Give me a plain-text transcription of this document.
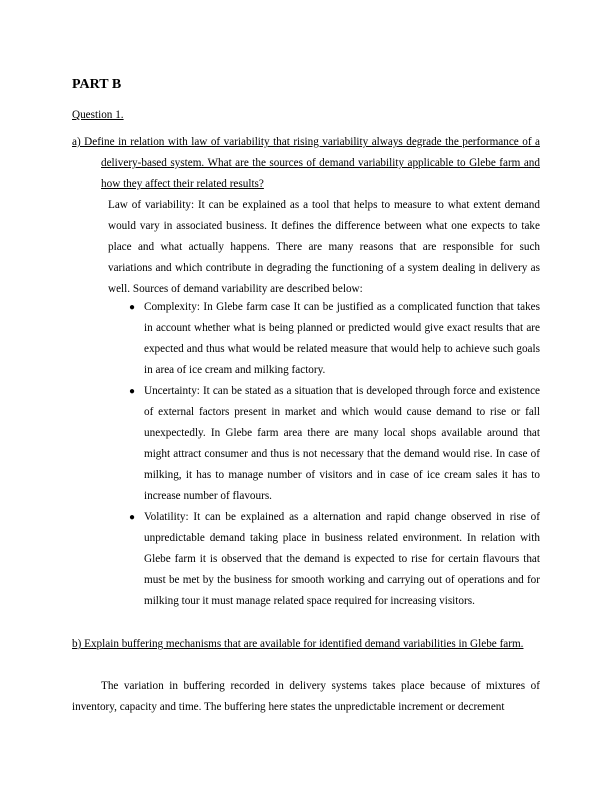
PART B
Question 1.
a) Define in relation with law of variability that rising variability always degrade the performance of a delivery-based system. What are the sources of demand variability applicable to Glebe farm and how they affect their related results?
Law of variability: It can be explained as a tool that helps to measure to what extent demand would vary in associated business. It defines the difference between what one expects to take place and what actually happens. There are many reasons that are responsible for such variations and which contribute in degrading the functioning of a system dealing in delivery as well. Sources of demand variability are described below:
● Complexity: In Glebe farm case It can be justified as a complicated function that takes in account whether what is being planned or predicted would give exact results that are expected and thus what would be related measure that would help to achieve such goals in area of ice cream and milking factory.
● Uncertainty: It can be stated as a situation that is developed through force and existence of external factors present in market and which would cause demand to rise or fall unexpectedly. In Glebe farm area there are many local shops available around that might attract consumer and thus is not necessary that the demand would rise. In case of milking, it has to manage number of visitors and in case of ice cream sales it has to increase number of flavours.
● Volatility: It can be explained as a alternation and rapid change observed in rise of unpredictable demand taking place in business related environment. In relation with Glebe farm it is observed that the demand is expected to rise for certain flavours that must be met by the business for smooth working and carrying out of operations and for milking tour it must manage related space required for increasing visitors.
b) Explain buffering mechanisms that are available for identified demand variabilities in Glebe farm.
The variation in buffering recorded in delivery systems takes place because of mixtures of inventory, capacity and time. The buffering here states the unpredictable increment or decrement
